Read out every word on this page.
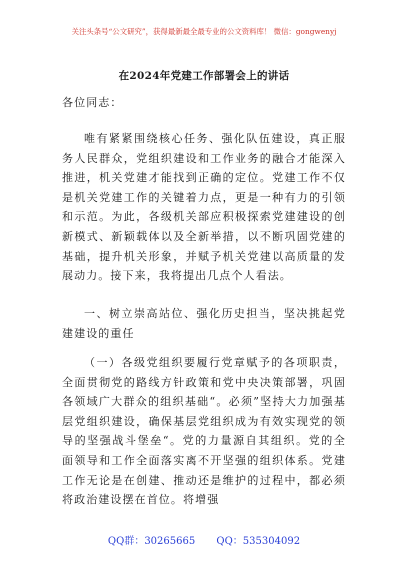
关注头条号“公文研究”，获得最新最全最专业的公文资料库！ 微信：gongwenyj
在2024年党建工作部署会上的讲话

各位同志：

唯有紧紧围绕核心任务、强化队伍建设，真正服务人民群众，党组织建设和工作业务的融合才能深入推进，机关党建才能找到正确的定位。党建工作不仅是机关党建工作的关键着力点，更是一种有力的引领和示范。为此，各级机关部应积极探索党建建设的创新模式、新颖载体以及全新举措，以不断巩固党建的基础，提升机关形象，并赋予机关党建以高质量的发展动力。接下来，我将提出几点个人看法。

一、树立崇高站位、强化历史担当，坚决挑起党建建设的重任

（一）各级党组织要履行党章赋予的各项职责，全面贯彻党的路线方针政策和党中央决策部署，巩固各领域广大群众的组织基础“。必须”坚持大力加强基层党组织建设，确保基层党组织成为有效实现党的领导的坚强战斗堡垒“。党的力量源自其组织。党的全面领导和工作全面落实离不开坚强的组织体系。党建工作无论是在创建、推动还是维护的过程中，都必须将政治建设摆在首位。将增强

QQ群：30265665 QQ：535304092
